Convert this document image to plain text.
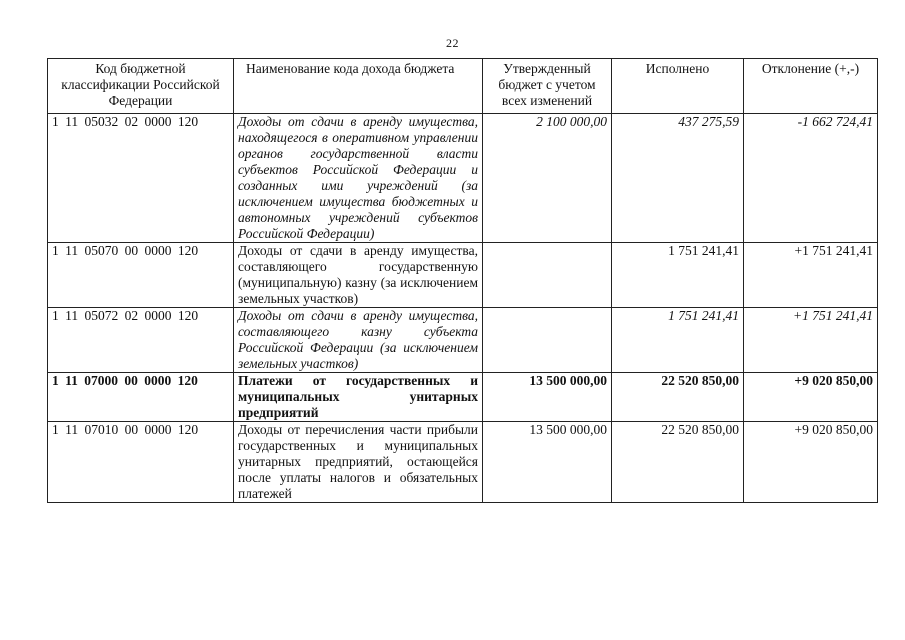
22
Код бюджетной классификации Российской Федерации	Наименование кода дохода бюджета	Утвержденный бюджет с учетом всех изменений	Исполнено	Отклонение (+,-)
1 11 05032 02 0000 120	Доходы от сдачи в аренду имущества, находящегося в оперативном управлении органов государственной власти субъектов Российской Федерации и созданных ими учреждений (за исключением имущества бюджетных и автономных учреждений субъектов Российской Федерации)	2 100 000,00	437 275,59	-1 662 724,41
1 11 05070 00 0000 120	Доходы от сдачи в аренду имущества, составляющего государственную (муниципальную) казну (за исключением земельных участков)		1 751 241,41	+1 751 241,41
1 11 05072 02 0000 120	Доходы от сдачи в аренду имущества, составляющего казну субъекта Российской Федерации (за исключением земельных участков)		1 751 241,41	+1 751 241,41
1 11 07000 00 0000 120	Платежи от государственных и муниципальных унитарных предприятий	13 500 000,00	22 520 850,00	+9 020 850,00
1 11 07010 00 0000 120	Доходы от перечисления части прибыли государственных и муниципальных унитарных предприятий, остающейся после уплаты налогов и обязательных платежей	13 500 000,00	22 520 850,00	+9 020 850,00
